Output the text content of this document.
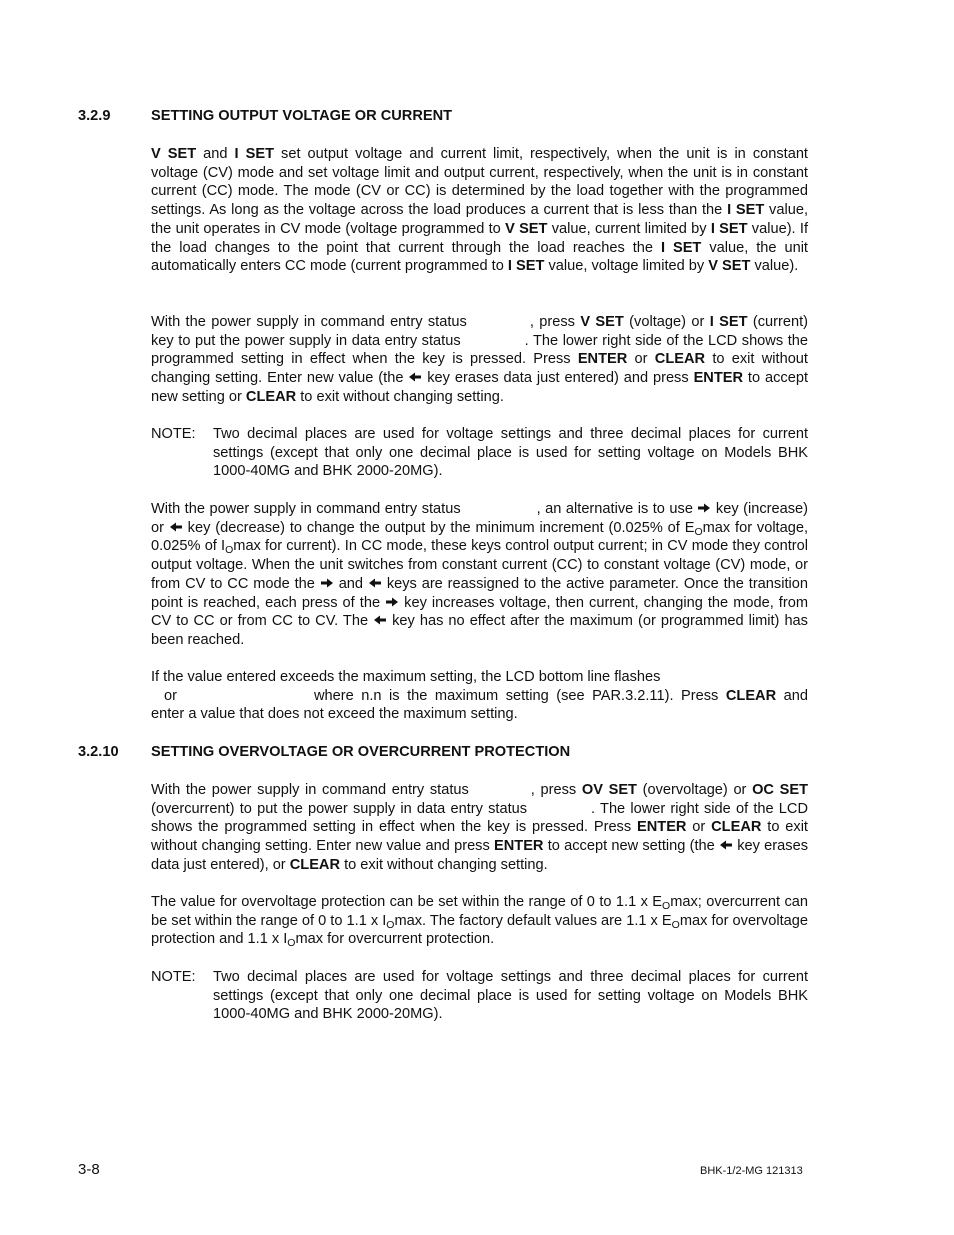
3.2.9	SETTING OUTPUT VOLTAGE OR CURRENT
V SET and I SET set output voltage and current limit, respectively, when the unit is in constant voltage (CV) mode and set voltage limit and output current, respectively, when the unit is in constant current (CC) mode. The mode (CV or CC) is determined by the load together with the programmed settings. As long as the voltage across the load produces a current that is less than the I SET value, the unit operates in CV mode (voltage programmed to V SET value, current limited by I SET value). If the load changes to the point that current through the load reaches the I SET value, the unit automatically enters CC mode (current programmed to I SET value, voltage limited by V SET value).
With the power supply in command entry status	, press V SET (voltage) or I SET (current) key to put the power supply in data entry status	. The lower right side of the LCD shows the programmed setting in effect when the key is pressed. Press ENTER or CLEAR to exit without changing setting. Enter new value (the  key erases data just entered) and press ENTER to accept new setting or CLEAR to exit without changing setting.
NOTE: Two decimal places are used for voltage settings and three decimal places for current settings (except that only one decimal place is used for setting voltage on Models BHK 1000-40MG and BHK 2000-20MG).
With the power supply in command entry status	, an alternative is to use  key (increase) or  key (decrease) to change the output by the minimum increment (0.025% of $E_O\max$ for voltage, 0.025% of $I_O\max$ for current). In CC mode, these keys control output current; in CV mode they control output voltage. When the unit switches from constant current (CC) to constant voltage (CV) mode, or from CV to CC mode the  and  keys are reassigned to the active parameter. Once the transition point is reached, each press of the  key increases voltage, then current, changing the mode, from CV to CC or from CC to CV. The  key has no effect after the maximum (or programmed limit) has been reached.
If the value entered exceeds the maximum setting, the LCD bottom line flashes
or	where n.n is the maximum setting (see PAR.3.2.11). Press CLEAR and enter a value that does not exceed the maximum setting.
3.2.10 SETTING OVERVOLTAGE OR OVERCURRENT PROTECTION
With the power supply in command entry status	, press OV SET (overvoltage) or OC SET (overcurrent) to put the power supply in data entry status	. The lower right side of the LCD shows the programmed setting in effect when the key is pressed. Press ENTER or CLEAR to exit without changing setting. Enter new value and press ENTER to accept new setting (the  key erases data just entered), or CLEAR to exit without changing setting.
The value for overvoltage protection can be set within the range of 0 to 1.1 x $E_O\max$; overcurrent can be set within the range of 0 to 1.1 x $I_O\max$. The factory default values are 1.1 x $E_O\max$ for overvoltage protection and 1.1 x $I_O\max$ for overcurrent protection.
NOTE: Two decimal places are used for voltage settings and three decimal places for current settings (except that only one decimal place is used for setting voltage on Models BHK 1000-40MG and BHK 2000-20MG).
3-8	BHK-1/2-MG 121313
